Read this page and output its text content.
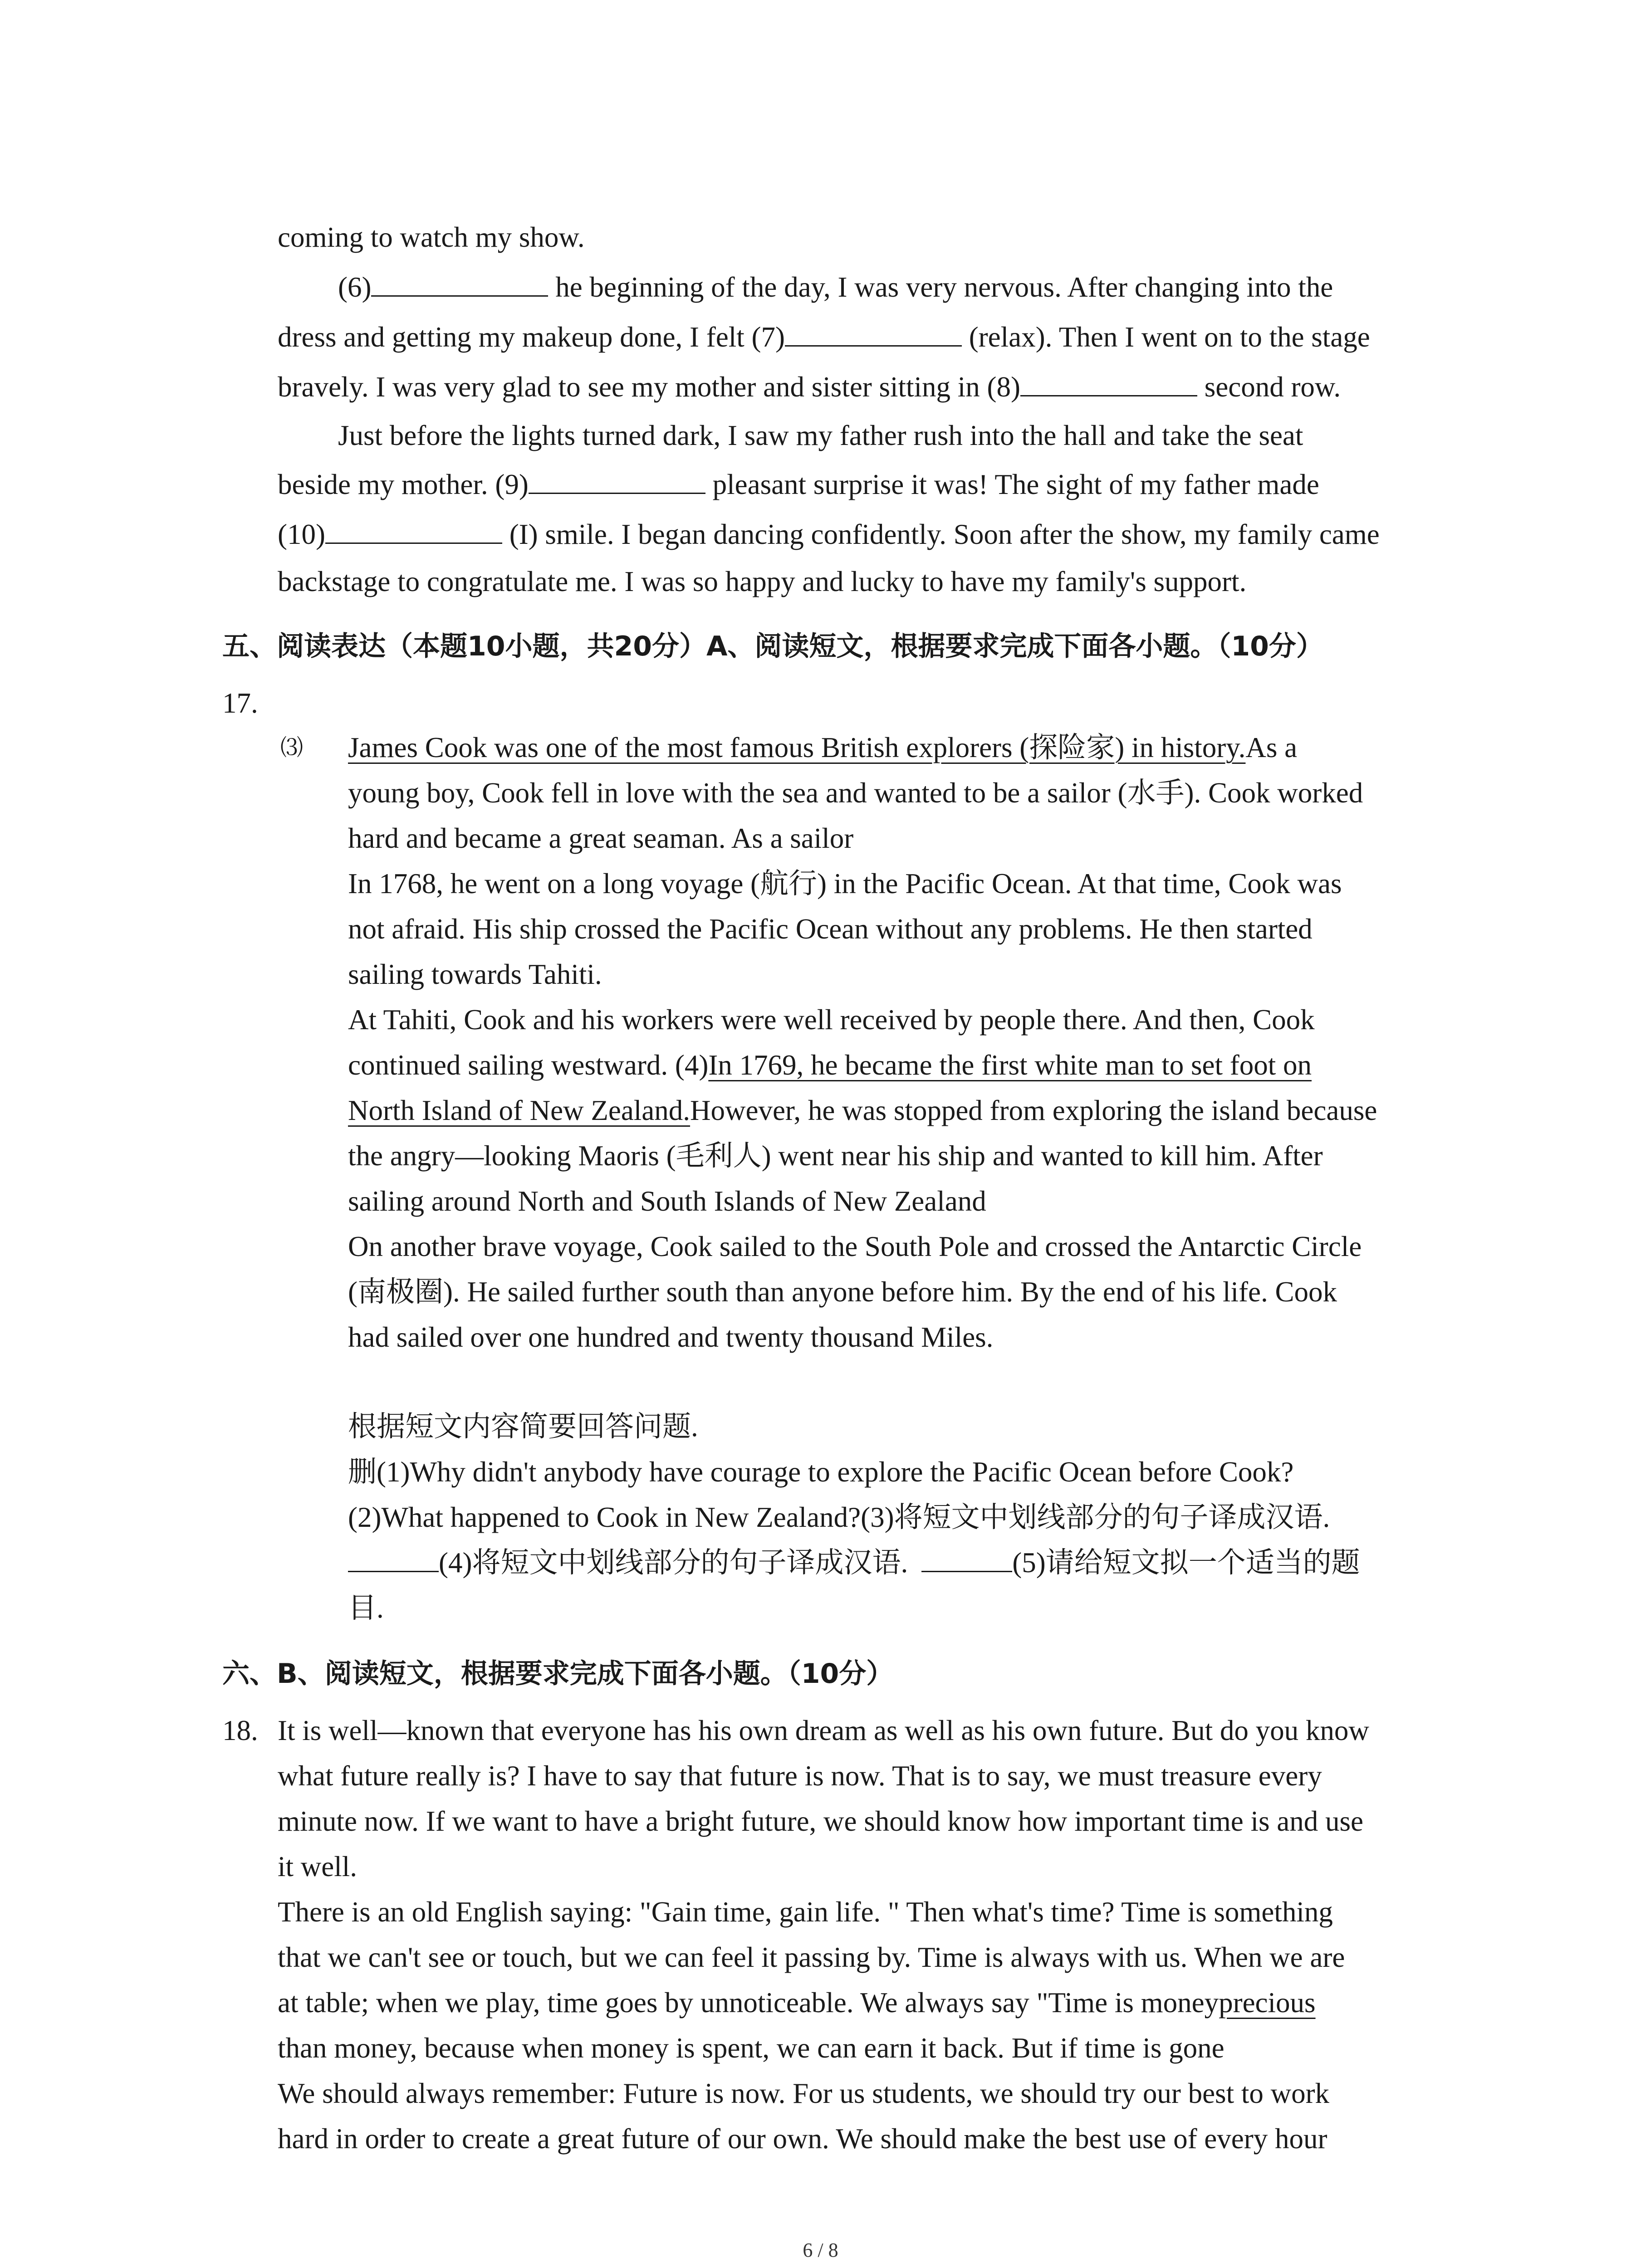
coming to watch my show.
(6)	he beginning of the day, I was very nervous. After changing into the
dress and getting my makeup done, I felt (7)	(relax). Then I went on to the stage
bravely. I was very glad to see my mother and sister sitting in (8)	second row.
Just before the lights turned dark, I saw my father rush into the hall and take the seat
beside my mother. (9)	pleasant surprise it was! The sight of my father made
(10)	(I) smile. I began dancing confidently. Soon after the show, my family came
backstage to congratulate me. I was so happy and lucky to have my family's support.
五、阅读表达（本题10小题，共20分）A、阅读短文，根据要求完成下面各小题。（10分）
17.
⑶ James Cook was one of the most famous British explorers (探险家) in history.As a
young boy, Cook fell in love with the sea and wanted to be a sailor (水手). Cook worked
hard and became a great seaman. As a sailor
In 1768, he went on a long voyage (航行) in the Pacific Ocean. At that time, Cook was
not afraid. His ship crossed the Pacific Ocean without any problems. He then started
sailing towards Tahiti.
At Tahiti, Cook and his workers were well received by people there. And then, Cook
continued sailing westward. (4)In 1769, he became the first white man to set foot on
North Island of New Zealand.However, he was stopped from exploring the island because
the angry—looking Maoris (毛利人) went near his ship and wanted to kill him. After
sailing around North and South Islands of New Zealand
On another brave voyage, Cook sailed to the South Pole and crossed the Antarctic Circle
(南极圈). He sailed further south than anyone before him. By the end of his life. Cook
had sailed over one hundred and twenty thousand Miles.
根据短文内容简要回答问题.
删(1)Why didn't anybody have courage to explore the Pacific Ocean before Cook?
(2)What happened to Cook in New Zealand?(3)将短文中划线部分的句子译成汉语.
(4)将短文中划线部分的句子译成汉语.	(5)请给短文拟一个适当的题
目.
六、B、阅读短文，根据要求完成下面各小题。（10分）
18. It is well—known that everyone has his own dream as well as his own future. But do you know
what future really is? I have to say that future is now. That is to say, we must treasure every
minute now. If we want to have a bright future, we should know how important time is and use
it well.
There is an old English saying: "Gain time, gain life. " Then what's time? Time is something
that we can't see or touch, but we can feel it passing by. Time is always with us. When we are
at table; when we play, time goes by unnoticeable. We always say "Time is moneyprecious
than money, because when money is spent, we can earn it back. But if time is gone
We should always remember: Future is now. For us students, we should try our best to work
hard in order to create a great future of our own. We should make the best use of every hour
6 / 8
